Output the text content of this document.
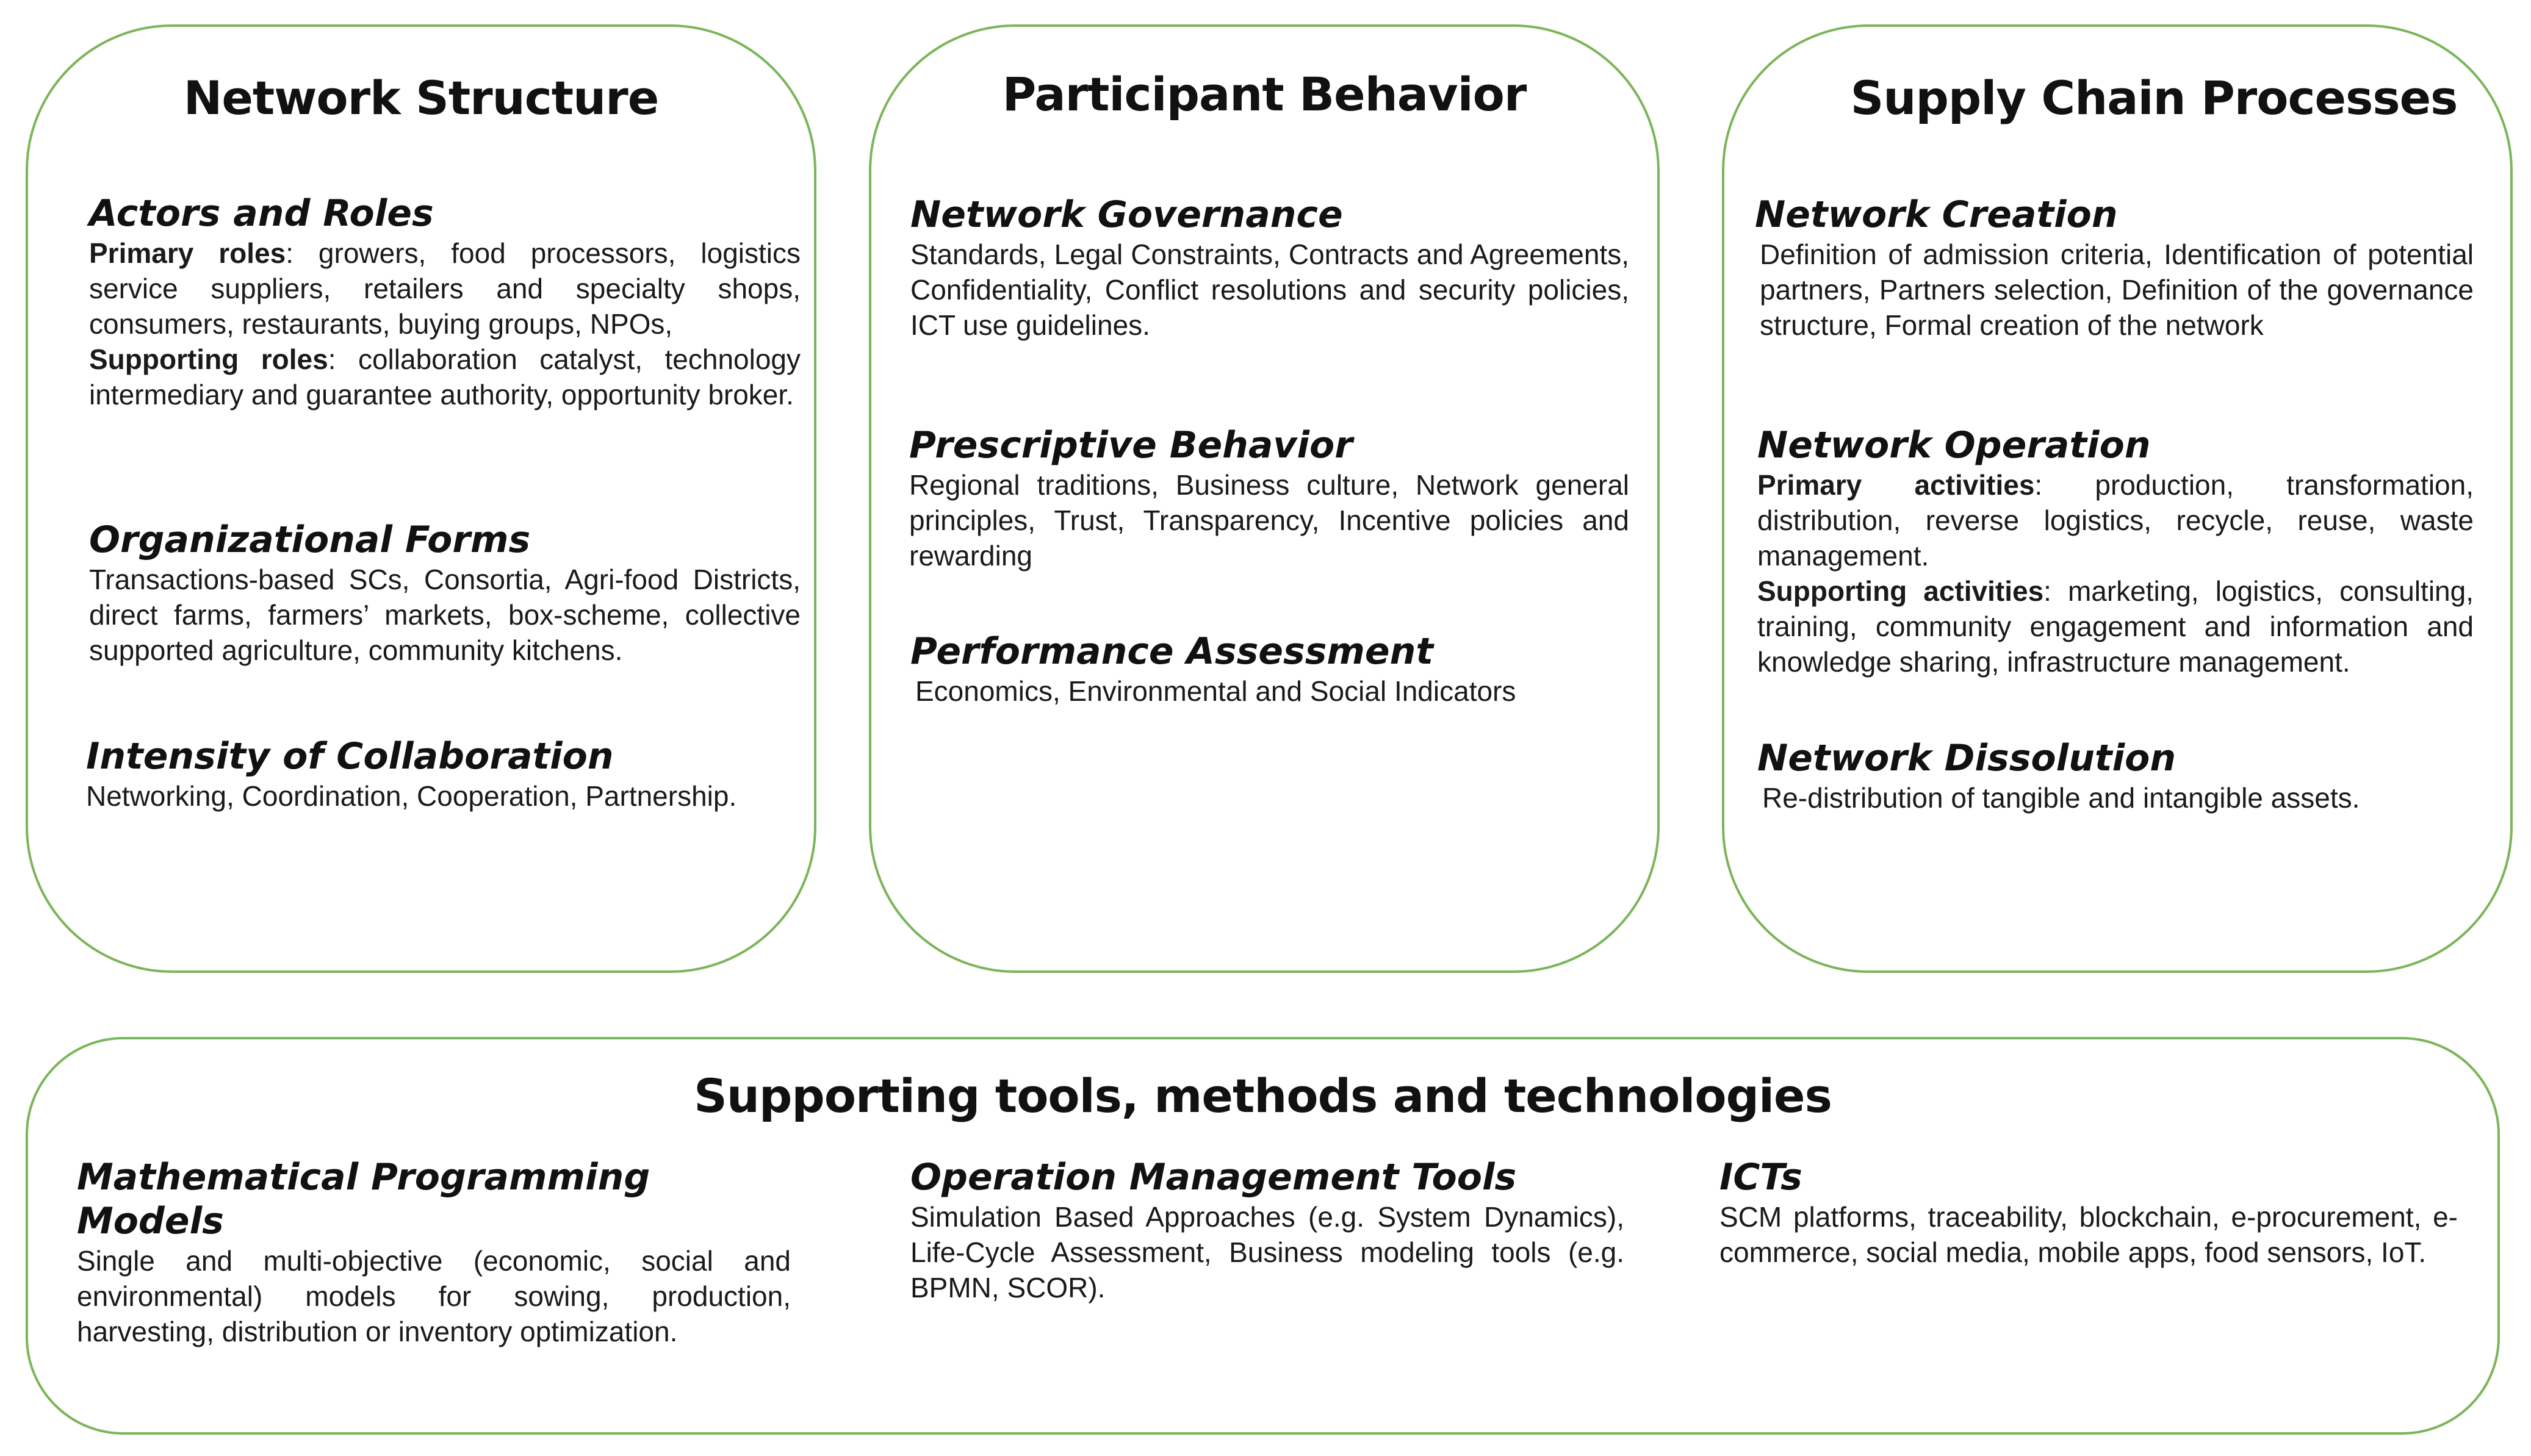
Network Structure

Actors and Roles

Primary roles: growers, food processors, logistics service suppliers, retailers and specialty shops, consumers, restaurants, buying groups, NPOs,
Supporting roles: collaboration catalyst, technology intermediary and guarantee authority, opportunity broker.

Organizational Forms

Transactions-based SCs, Consortia, Agri-food Districts, direct farms, farmers’ markets, box-scheme, collective supported agriculture, community kitchens.

Intensity of Collaboration

Networking, Coordination, Cooperation, Partnership.

Participant Behavior

Network Governance

Standards, Legal Constraints, Contracts and Agreements, Confidentiality, Conflict resolutions and security policies, ICT use guidelines.

Prescriptive Behavior

Regional traditions, Business culture, Network general principles, Trust, Transparency, Incentive policies and rewarding

Performance Assessment

Economics, Environmental and Social Indicators

Supply Chain Processes

Network Creation

Definition of admission criteria, Identification of potential partners, Partners selection, Definition of the governance structure, Formal creation of the network

Network Operation

Primary activities: production, transformation, distribution, reverse logistics, recycle, reuse, waste management.
Supporting activities: marketing, logistics, consulting, training, community engagement and information and knowledge sharing, infrastructure management.

Network Dissolution

Re-distribution of tangible and intangible assets.

Supporting tools, methods and technologies

Mathematical Programming Models

Single and multi-objective (economic, social and environmental) models for sowing, production, harvesting, distribution or inventory optimization.

Operation Management Tools

Simulation Based Approaches (e.g. System Dynamics), Life-Cycle Assessment, Business modeling tools (e.g. BPMN, SCOR).

ICTs

SCM platforms, traceability, blockchain, e-procurement, e-commerce, social media, mobile apps, food sensors, IoT.
